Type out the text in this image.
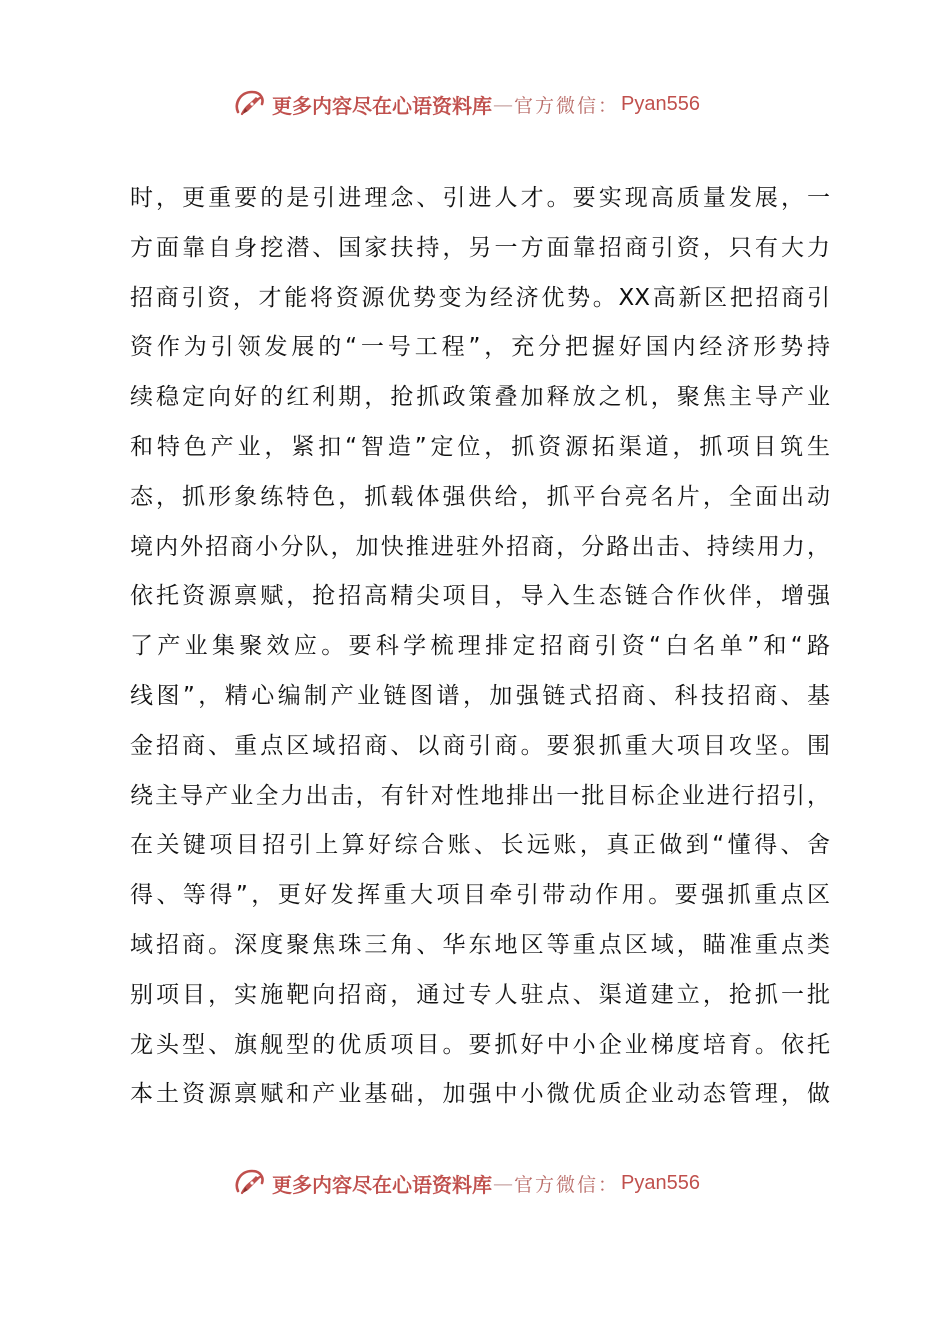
更多内容尽在心语资料库 — 官方微信： Pyan556
时，更重要的是引进理念、引进人才。要实现高质量发展，一
方面靠自身挖潜、国家扶持，另一方面靠招商引资，只有大力
招商引资，才能将资源优势变为经济优势。XX高新区把招商引
资作为引领发展的“一号工程”，充分把握好国内经济形势持
续稳定向好的红利期，抢抓政策叠加释放之机，聚焦主导产业
和特色产业，紧扣“智造”定位，抓资源拓渠道，抓项目筑生
态，抓形象练特色，抓载体强供给，抓平台亮名片，全面出动
境内外招商小分队，加快推进驻外招商，分路出击、持续用力，
依托资源禀赋，抢招高精尖项目，导入生态链合作伙伴，增强
了产业集聚效应。要科学梳理排定招商引资“白名单”和“路
线图”，精心编制产业链图谱，加强链式招商、科技招商、基
金招商、重点区域招商、以商引商。要狠抓重大项目攻坚。围
绕主导产业全力出击，有针对性地排出一批目标企业进行招引，
在关键项目招引上算好综合账、长远账，真正做到“懂得、舍
得、等得”，更好发挥重大项目牵引带动作用。要强抓重点区
域招商。深度聚焦珠三角、华东地区等重点区域，瞄准重点类
别项目，实施靶向招商，通过专人驻点、渠道建立，抢抓一批
龙头型、旗舰型的优质项目。要抓好中小企业梯度培育。依托
本土资源禀赋和产业基础，加强中小微优质企业动态管理，做
更多内容尽在心语资料库 — 官方微信： Pyan556
